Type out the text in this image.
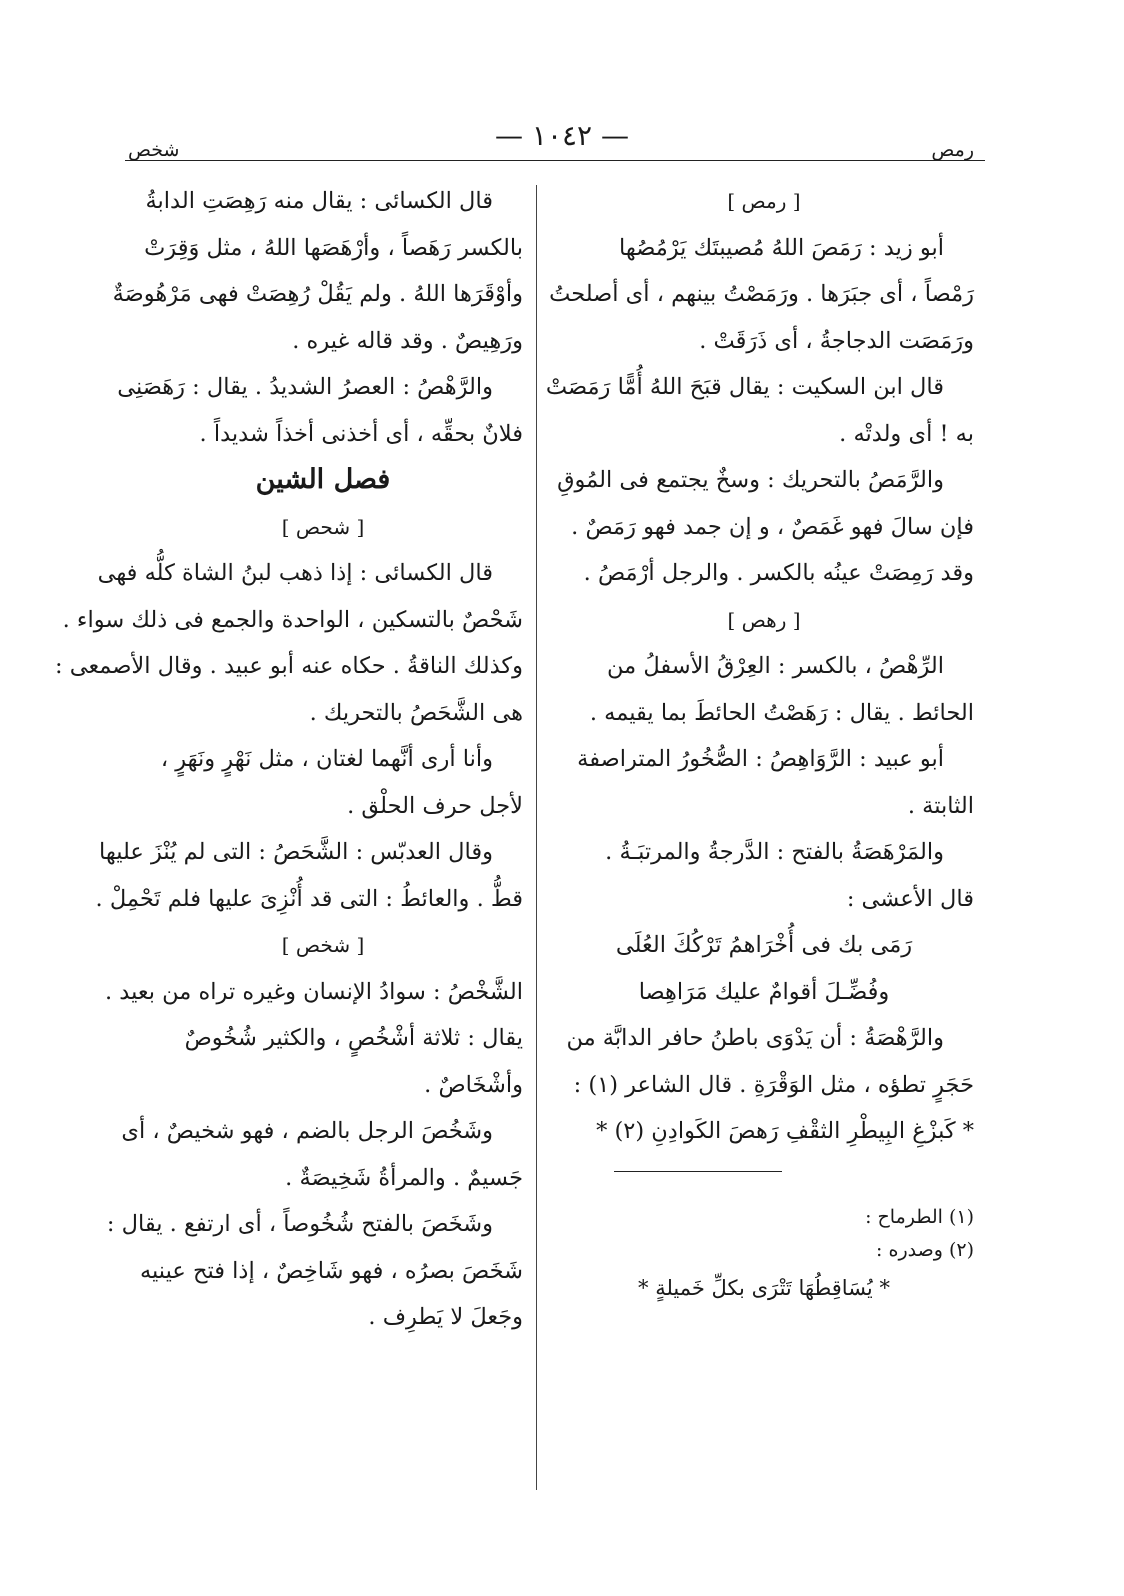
رمص
— ١٠٤٢ —
شخص
[ رمص ]
أبو زيد : رَمَصَ اللهُ مُصيبتَك يَرْمُصُها
رَمْصاً ، أى جبَرَها . ورَمَصْتُ بينهم ، أى أصلحتُ
ورَمَصَت الدجاجةُ ، أى ذَرَقَتْ .
قال ابن السكيت : يقال قبَحَ اللهُ أُمًّا رَمَصَتْ
به ! أى ولدتْه .
والرَّمَصُ بالتحريك : وسخٌ يجتمع فى المُوقِ
فإن سالَ فهو غَمَصٌ ، و إن جمد فهو رَمَصٌ .
وقد رَمِصَتْ عينُه بالكسر . والرجل أرْمَصُ .
[ رهص ]
الرِّهْصُ ، بالكسر : العِرْقُ الأسفلُ من
الحائط . يقال : رَهَصْتُ الحائطَ بما يقيمه .
أبو عبيد : الرَّوَاهِصُ : الصُّخُورُ المتراصفة
الثابتة .
والمَرْهَصَةُ بالفتح : الدَّرجةُ والمرتبَـةُ .
قال الأعشى :
رَمَى بك فى أُخْرَاهمُ تَرْكُكَ العُلَى
وفُضِّـلَ أقوامٌ عليك مَرَاهِصا
والرَّهْصَةُ : أن يَدْوَى باطنُ حافر الدابَّة من
حَجَرٍ تطؤه ، مثل الوَقْرَةِ . قال الشاعر (١) :
* كَبزْغِ البِيطْرِ الثقْفِ رَهصَ الكَوادِنِ (٢) *
(١) الطرماح :
(٢) وصدره :
* يُسَاقِطُهَا تَتْرَى بكلِّ خَميلةٍ *
قال الكسائى : يقال منه رَهِصَتِ الدابةُ
بالكسر رَهَصاً ، وأرْهَصَها اللهُ ، مثل وَقِرَتْ
وأوْقَرَها اللهُ . ولم يَقُلْ رُهِصَتْ فهى مَرْهُوصَةٌ
ورَهِيصٌ . وقد قاله غيره .
والرَّهْصُ : العصرُ الشديدُ . يقال : رَهَصَنِى
فلانٌ بحقِّه ، أى أخذنى أخذاً شديداً .
فصل الشين
[ شحص ]
قال الكسائى : إذا ذهب لبنُ الشاة كلُّه فهى
شَحْصٌ بالتسكين ، الواحدة والجمع فى ذلك سواء .
وكذلك الناقةُ . حكاه عنه أبو عبيد . وقال الأصمعى :
هى الشَّحَصُ بالتحريك .
وأنا أرى أنَّهما لغتان ، مثل نَهْرٍ ونَهَرٍ ،
لأجل حرف الحلْق .
وقال العدبّس : الشَّحَصُ : التى لم يُنْزَ عليها
قطُّ . والعائطُ : التى قد أُنْزِىَ عليها فلم تَحْمِلْ .
[ شخص ]
الشَّخْصُ : سوادُ الإنسان وغيره تراه من بعيد .
يقال : ثلاثة أشْخُصٍ ، والكثير شُخُوصٌ
وأشْخَاصٌ .
وشَخُصَ الرجل بالضم ، فهو شخيصٌ ، أى
جَسيمٌ . والمرأةُ شَخِيصَةٌ .
وشَخَصَ بالفتح شُخُوصاً ، أى ارتفع . يقال :
شَخَصَ بصرُه ، فهو شَاخِصٌ ، إذا فتح عينيه
وجَعلَ لا يَطرِف .
